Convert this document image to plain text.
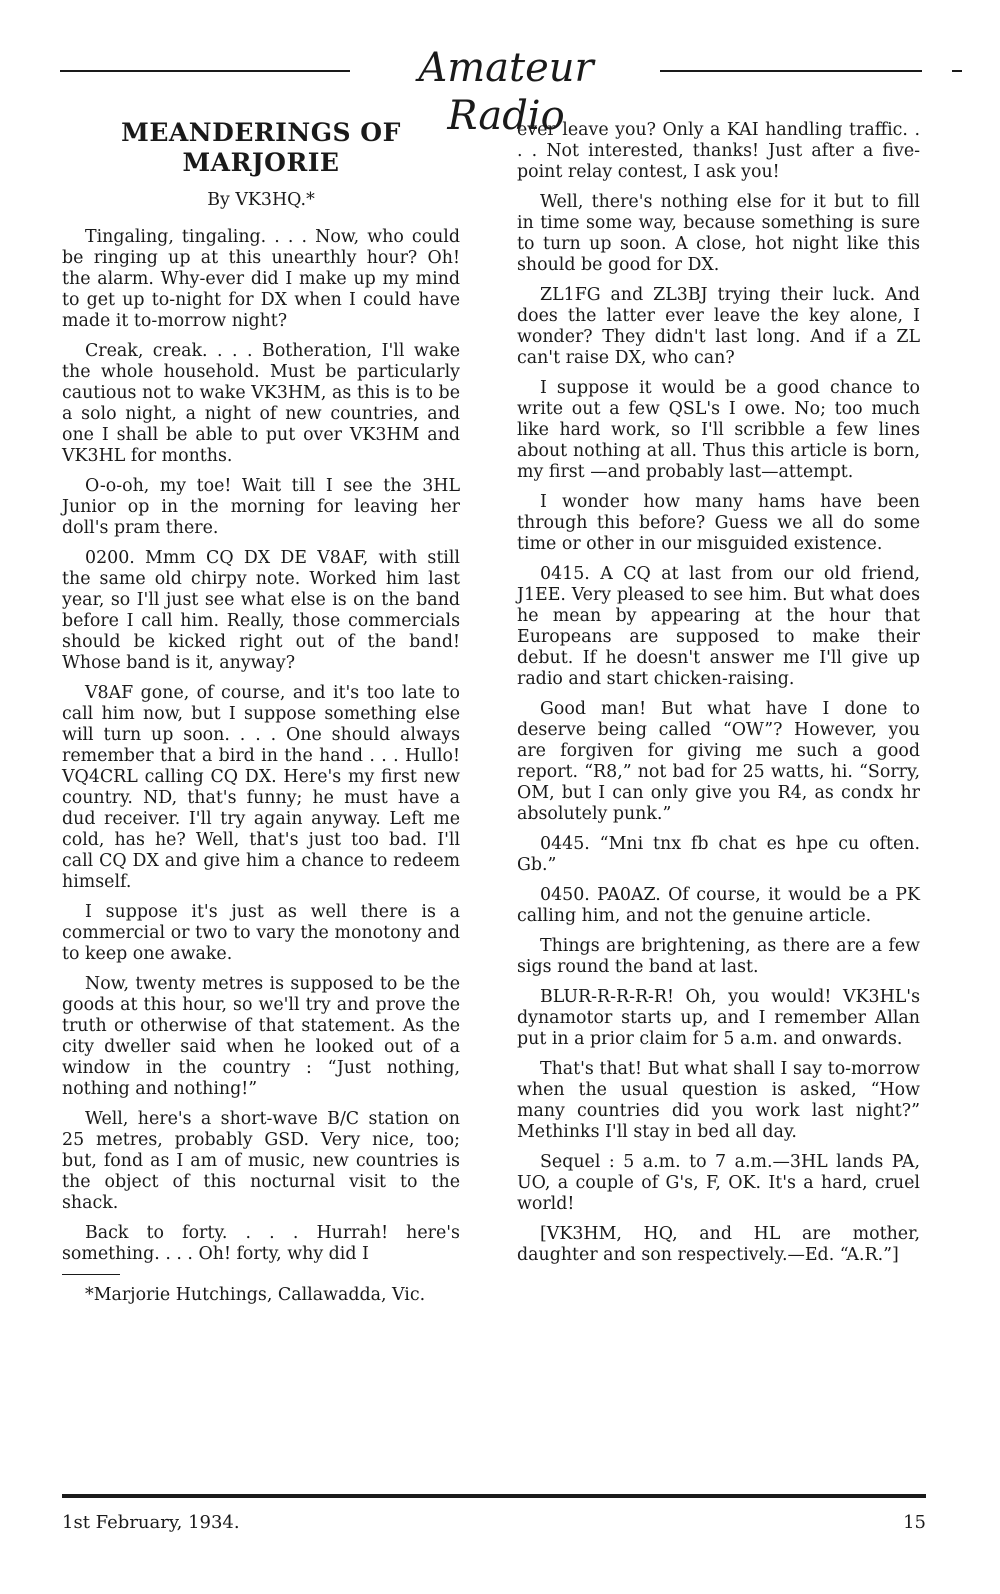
Amateur Radio
MEANDERINGS OF MARJORIE
By VK3HQ.*

Tingaling, tingaling. . . . Now, who could be ringing up at this unearthly hour? Oh! the alarm. Why-ever did I make up my mind to get up to-night for DX when I could have made it to-morrow night?

Creak, creak. . . . Botheration, I'll wake the whole household. Must be particularly cautious not to wake VK3HM, as this is to be a solo night, a night of new countries, and one I shall be able to put over VK3HM and VK3HL for months.

O-o-oh, my toe! Wait till I see the 3HL Junior op in the morning for leaving her doll's pram there.

0200. Mmm CQ DX DE V8AF, with still the same old chirpy note. Worked him last year, so I'll just see what else is on the band before I call him. Really, those commercials should be kicked right out of the band! Whose band is it, anyway?

V8AF gone, of course, and it's too late to call him now, but I suppose something else will turn up soon. . . . One should always remember that a bird in the hand . . . Hullo! VQ4CRL calling CQ DX. Here's my first new country. ND, that's funny; he must have a dud receiver. I'll try again anyway. Left me cold, has he? Well, that's just too bad. I'll call CQ DX and give him a chance to redeem himself.

I suppose it's just as well there is a commercial or two to vary the monotony and to keep one awake.

Now, twenty metres is supposed to be the goods at this hour, so we'll try and prove the truth or otherwise of that statement. As the city dweller said when he looked out of a window in the country : “Just nothing, nothing and nothing!”

Well, here's a short-wave B/C station on 25 metres, probably GSD. Very nice, too; but, fond as I am of music, new countries is the object of this nocturnal visit to the shack.

Back to forty. . . . Hurrah! here's something. . . . Oh! forty, why did I

*Marjorie Hutchings, Callawadda, Vic.

ever leave you? Only a KAI handling traffic. . . . Not interested, thanks! Just after a five-point relay contest, I ask you!

Well, there's nothing else for it but to fill in time some way, because something is sure to turn up soon. A close, hot night like this should be good for DX.

ZL1FG and ZL3BJ trying their luck. And does the latter ever leave the key alone, I wonder? They didn't last long. And if a ZL can't raise DX, who can?

I suppose it would be a good chance to write out a few QSL's I owe. No; too much like hard work, so I'll scribble a few lines about nothing at all. Thus this article is born, my first —and probably last—attempt.

I wonder how many hams have been through this before? Guess we all do some time or other in our misguided existence.

0415. A CQ at last from our old friend, J1EE. Very pleased to see him. But what does he mean by appearing at the hour that Europeans are supposed to make their debut. If he doesn't answer me I'll give up radio and start chicken-raising.

Good man! But what have I done to deserve being called “OW”? However, you are forgiven for giving me such a good report. “R8,” not bad for 25 watts, hi. “Sorry, OM, but I can only give you R4, as condx hr absolutely punk.”

0445. “Mni tnx fb chat es hpe cu often. Gb.”

0450. PA0AZ. Of course, it would be a PK calling him, and not the genuine article.

Things are brightening, as there are a few sigs round the band at last.

BLUR-R-R-R-R! Oh, you would! VK3HL's dynamotor starts up, and I remember Allan put in a prior claim for 5 a.m. and onwards.

That's that! But what shall I say to-morrow when the usual question is asked, “How many countries did you work last night?” Methinks I'll stay in bed all day.

Sequel : 5 a.m. to 7 a.m.—3HL lands PA, UO, a couple of G's, F, OK. It's a hard, cruel world!

[VK3HM, HQ, and HL are mother, daughter and son respectively.—Ed. “A.R.”]

1st February, 1934.	15
